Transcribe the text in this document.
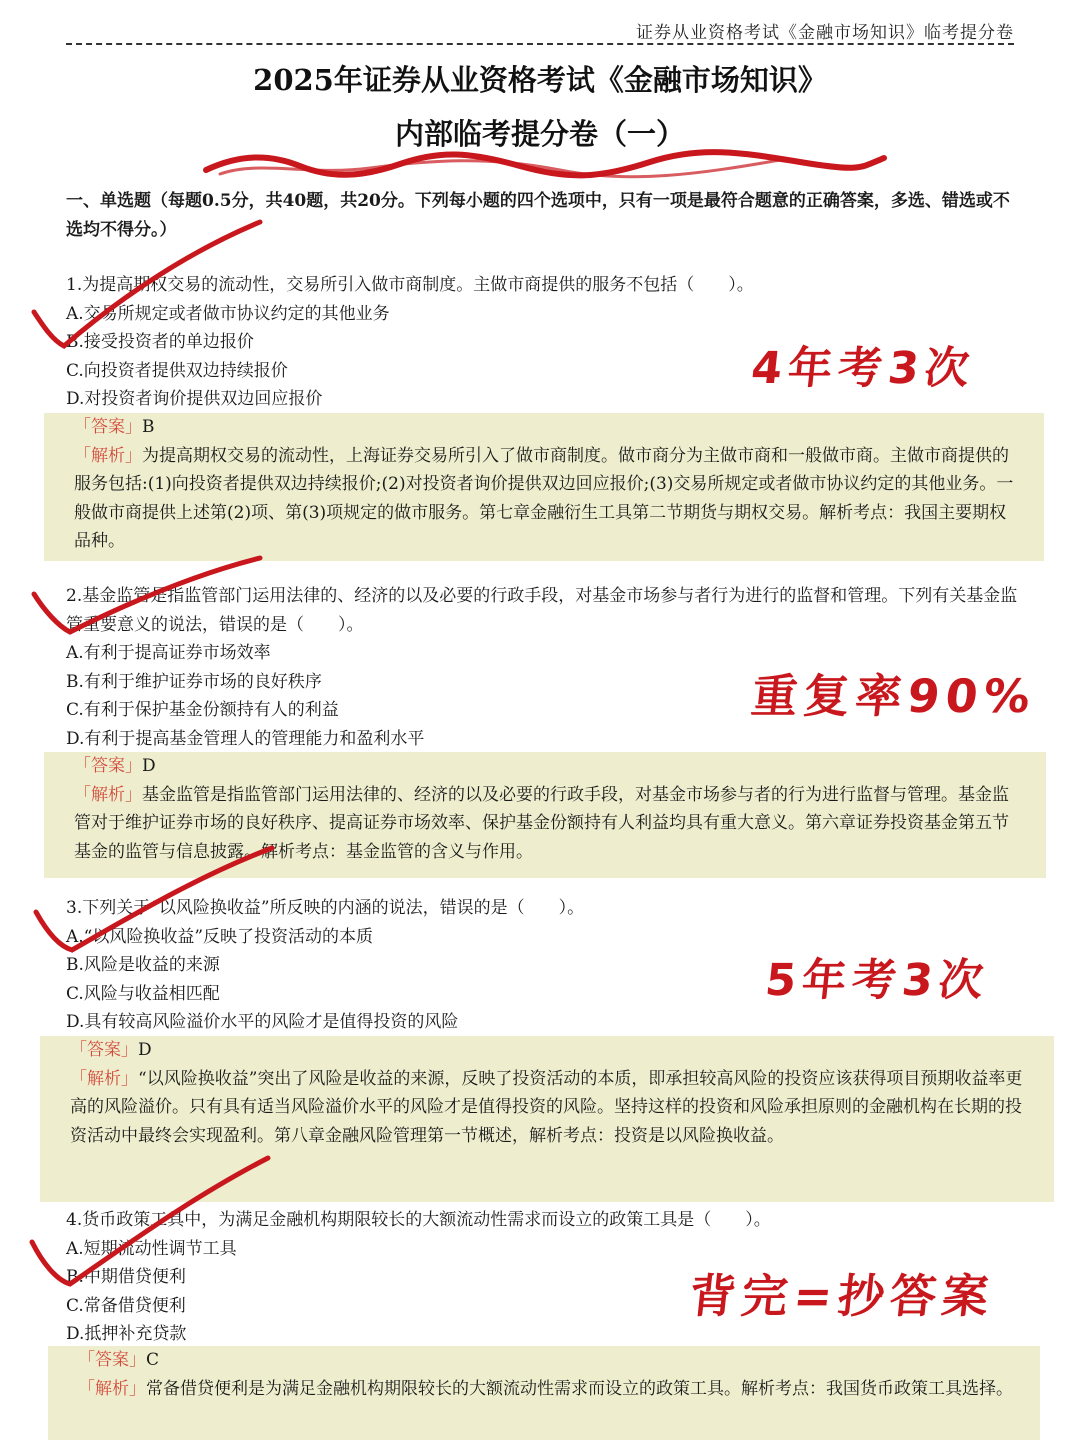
证券从业资格考试《金融市场知识》临考提分卷
2025年证券从业资格考试《金融市场知识》
内部临考提分卷（一）
一、单选题（每题0.5分，共40题，共20分。下列每小题的四个选项中，只有一项是最符合题意的正确答案，多选、错选或不选均不得分。）
1.为提高期权交易的流动性，交易所引入做市商制度。主做市商提供的服务不包括（　　）。
A.交易所规定或者做市协议约定的其他业务
B.接受投资者的单边报价
C.向投资者提供双边持续报价
D.对投资者询价提供双边回应报价
「答案」B
「解析」为提高期权交易的流动性，上海证券交易所引入了做市商制度。做市商分为主做市商和一般做市商。主做市商提供的服务包括:(1)向投资者提供双边持续报价;(2)对投资者询价提供双边回应报价;(3)交易所规定或者做市协议约定的其他业务。一般做市商提供上述第(2)项、第(3)项规定的做市服务。第七章金融衍生工具第二节期货与期权交易。解析考点：我国主要期权品种。
2.基金监管是指监管部门运用法律的、经济的以及必要的行政手段，对基金市场参与者行为进行的监督和管理。下列有关基金监管重要意义的说法，错误的是（　　）。
A.有利于提高证券市场效率
B.有利于维护证券市场的良好秩序
C.有利于保护基金份额持有人的利益
D.有利于提高基金管理人的管理能力和盈利水平
「答案」D
「解析」基金监管是指监管部门运用法律的、经济的以及必要的行政手段，对基金市场参与者的行为进行监督与管理。基金监管对于维护证券市场的良好秩序、提高证券市场效率、保护基金份额持有人利益均具有重大意义。第六章证券投资基金第五节基金的监管与信息披露。解析考点：基金监管的含义与作用。
3.下列关于“以风险换收益”所反映的内涵的说法，错误的是（　　）。
A.“以风险换收益”反映了投资活动的本质
B.风险是收益的来源
C.风险与收益相匹配
D.具有较高风险溢价水平的风险才是值得投资的风险
「答案」D
「解析」“以风险换收益”突出了风险是收益的来源，反映了投资活动的本质，即承担较高风险的投资应该获得项目预期收益率更高的风险溢价。只有具有适当风险溢价水平的风险才是值得投资的风险。坚持这样的投资和风险承担原则的金融机构在长期的投资活动中最终会实现盈利。第八章金融风险管理第一节概述，解析考点：投资是以风险换收益。
4.货币政策工具中，为满足金融机构期限较长的大额流动性需求而设立的政策工具是（　　）。
A.短期流动性调节工具
B.中期借贷便利
C.常备借贷便利
D.抵押补充贷款
「答案」C
「解析」常备借贷便利是为满足金融机构期限较长的大额流动性需求而设立的政策工具。解析考点：我国货币政策工具选择。
4年考3次
重复率90%
5年考3次
背完=抄答案
